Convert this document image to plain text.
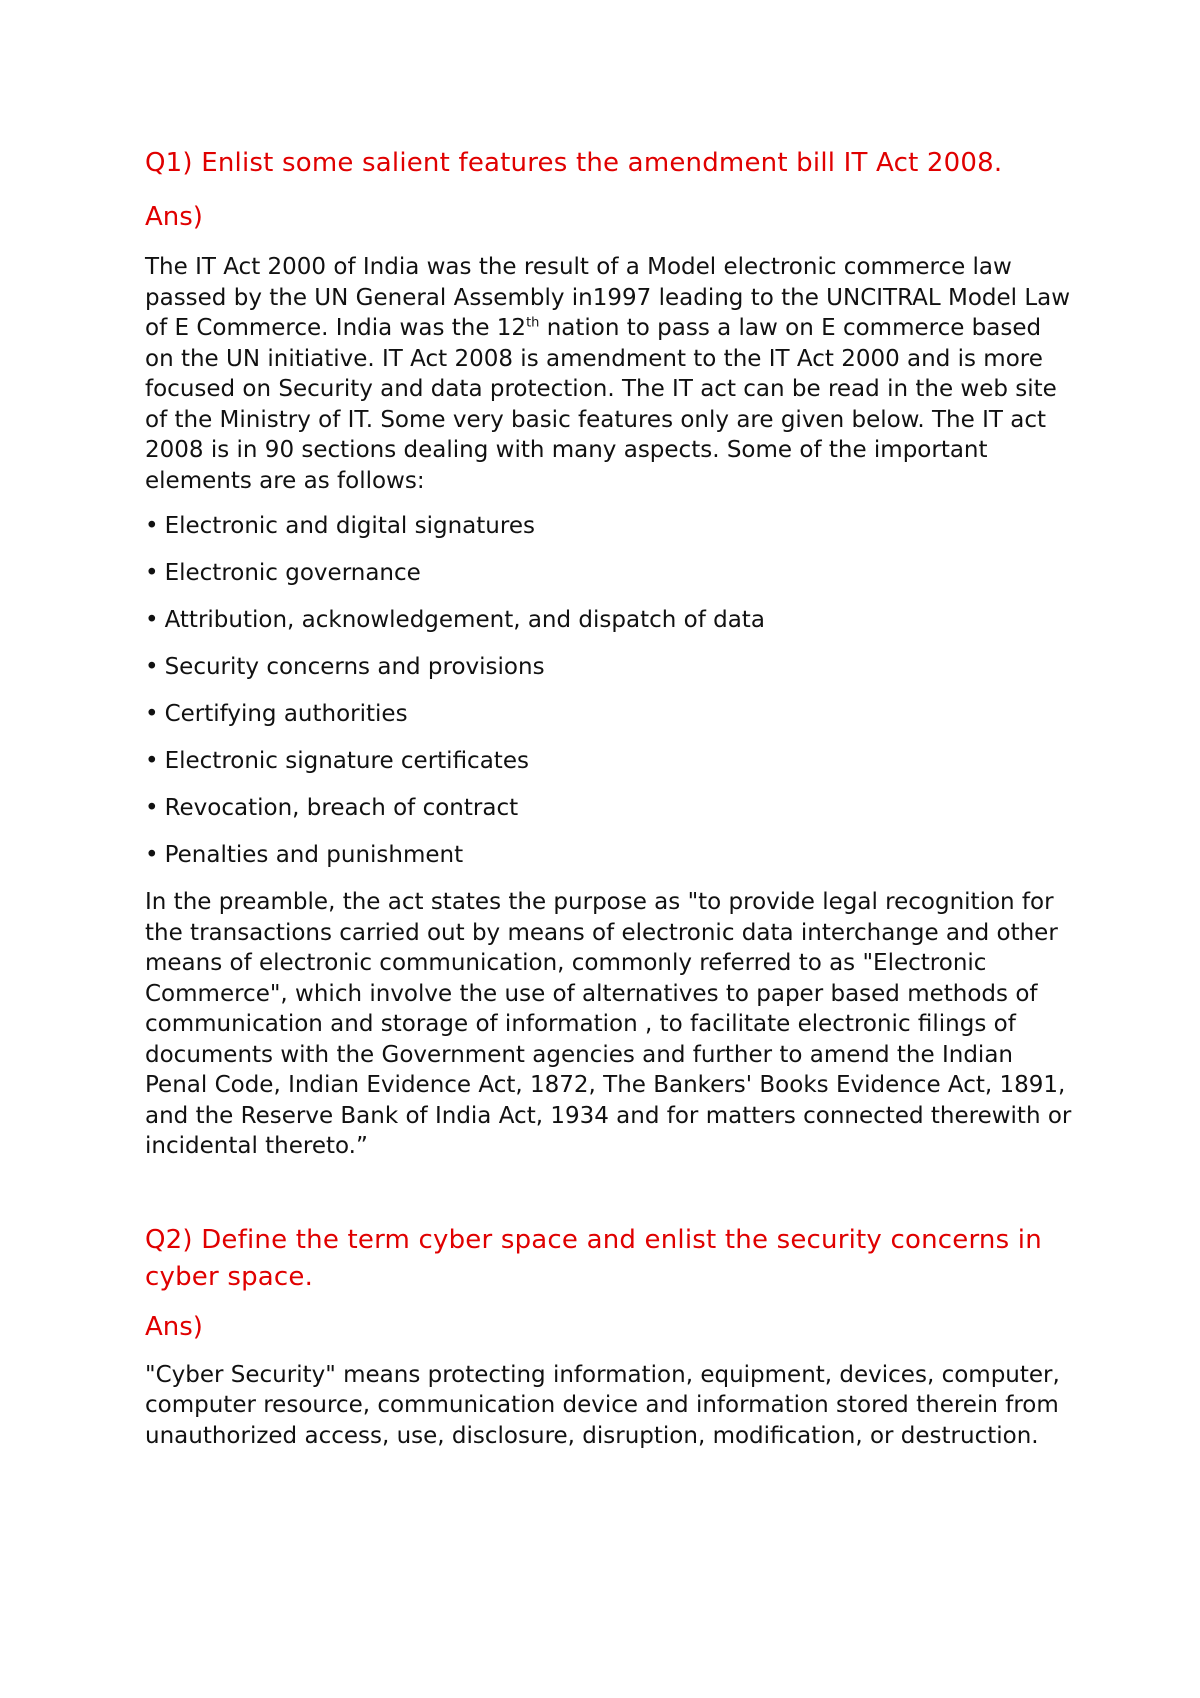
Q1) Enlist some salient features the amendment bill IT Act 2008.
Ans)

The IT Act 2000 of India was the result of a Model electronic commerce law passed by the UN General Assembly in1997 leading to the UNCITRAL Model Law of E Commerce. India was the 12th nation to pass a law on E commerce based on the UN initiative. IT Act 2008 is amendment to the IT Act 2000 and is more focused on Security and data protection. The IT act can be read in the web site of the Ministry of IT. Some very basic features only are given below. The IT act 2008 is in 90 sections dealing with many aspects. Some of the important elements are as follows:

• Electronic and digital signatures
• Electronic governance
• Attribution, acknowledgement, and dispatch of data
• Security concerns and provisions
• Certifying authorities
• Electronic signature certificates
• Revocation, breach of contract
• Penalties and punishment

In the preamble, the act states the purpose as "to provide legal recognition for the transactions carried out by means of electronic data interchange and other means of electronic communication, commonly referred to as "Electronic Commerce", which involve the use of alternatives to paper based methods of communication and storage of information , to facilitate electronic filings of documents with the Government agencies and further to amend the Indian Penal Code, Indian Evidence Act, 1872, The Bankers' Books Evidence Act, 1891, and the Reserve Bank of India Act, 1934 and for matters connected therewith or incidental thereto.”

Q2) Define the term cyber space and enlist the security concerns in cyber space.
Ans)

"Cyber Security" means protecting information, equipment, devices, computer, computer resource, communication device and information stored therein from unauthorized access, use, disclosure, disruption, modification, or destruction.
